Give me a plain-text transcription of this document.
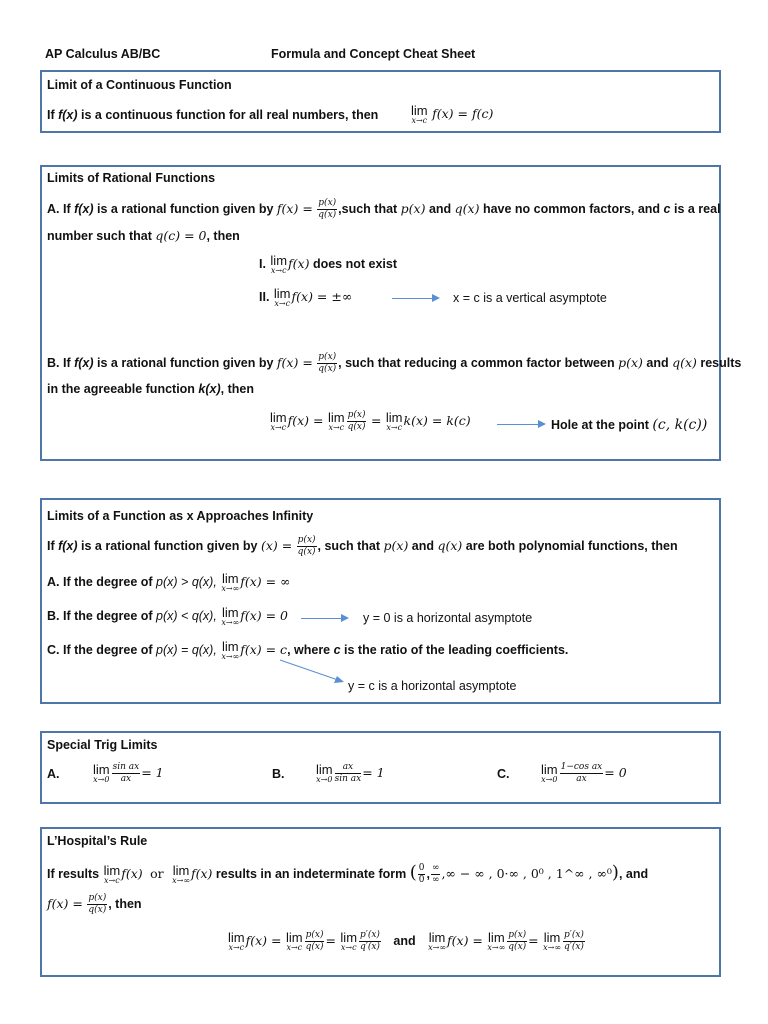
AP Calculus AB/BC	Formula and Concept Cheat Sheet
Limit of a Continuous Function
If f(x) is a continuous function for all real numbers, then	lim
x→c f(x) = f(c)
Limits of Rational Functions
A. If f(x) is a rational function given by $f(x) = \frac{p(x)}{q(x)}$ ,such that p(x) and q(x) have no common factors, and c is a real
number such that q(c) = 0, then
I. lim
x→c f(x) does not exist
II. lim
x→c f(x) = ±∞	x = c is a vertical asymptote
B. If f(x) is a rational function given by $f(x) = \frac{p(x)}{q(x)}$ , such that reducing a common factor between p(x) and q(x) results
in the agreeable function k(x), then
lim
x→c f(x) = lim
$x\to c \frac{p(x)}{q(x)} = \lim$
x→c k(x) = k(c)	Hole at the point (c, k(c))
Limits of a Function as x Approaches Infinity
If f(x) is a rational function given by $(x) = \frac{p(x)}{q(x)}$ , such that p(x) and q(x) are both polynomial functions, then
A. If the degree of p(x) > q(x), lim
x→∞ f(x) = ∞
B. If the degree of p(x) < q(x), lim
x→∞ f(x) = 0	y = 0 is a horizontal asymptote
C. If the degree of p(x) = q(x), lim
x→∞ f(x) = c, where c is the ratio of the leading coefficients.
y = c is a horizontal asymptote
Special Trig Limits
A.	lim
$x\to 0 \frac{\text{sin ax}}{ax} = 1$	B. lim
$x\to 0 \frac{ax}{\text{sin ax}} = 1$	C. lim
$x\to 0 \frac{\text{1−cos ax}}{ax} = 0$
L’Hospital’s Rule
If results lim
x→c f(x) or lim
x→∞ f(x) results in an indeterminate form ( $\frac{0}{0}$ , $\frac{\infty}{\infty}$ ,∞ − ∞ , 0·∞ , 0⁰ , 1^∞ , ∞⁰), and
$f(x) = \frac{p(x)}{q(x)}$ , then
lim
x→c f(x) = lim
$x\to c \frac{p(x)}{q(x)} = \lim$
$x\to c \frac{p'(x)}{q'(x)}$ and lim
x→∞ f(x) = lim
$x\to\infty \frac{p(x)}{q(x)} = \lim$
$x\to\infty \frac{p'(x)}{q'(x)}$
